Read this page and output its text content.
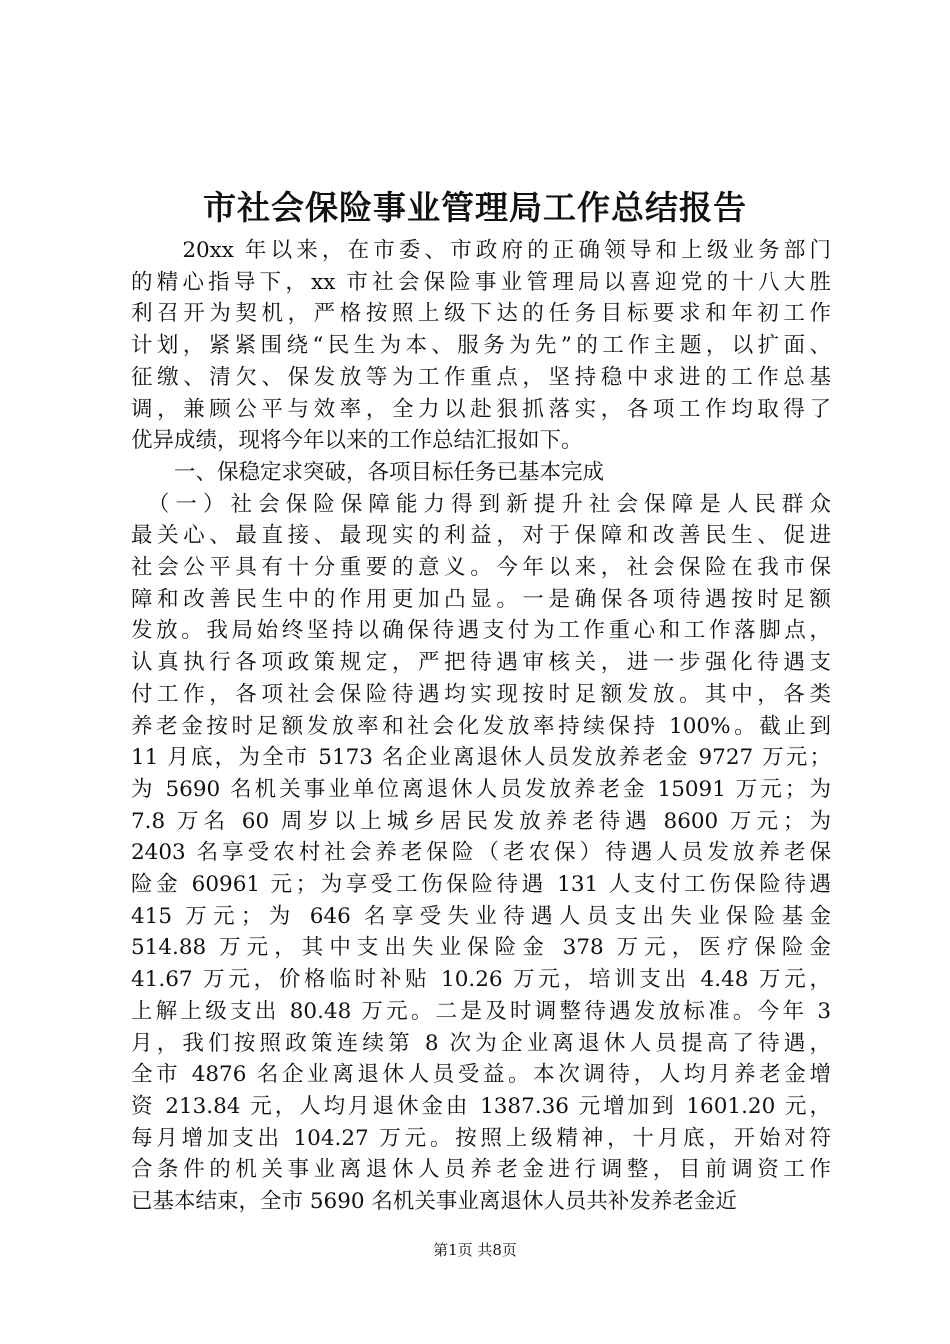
市社会保险事业管理局工作总结报告
　　20xx 年以来，在市委、市政府的正确领导和上级业务部门
的精心指导下，xx 市社会保险事业管理局以喜迎党的十八大胜
利召开为契机，严格按照上级下达的任务目标要求和年初工作
计划，紧紧围绕“民生为本、服务为先”的工作主题，以扩面、
征缴、清欠、保发放等为工作重点，坚持稳中求进的工作总基
调，兼顾公平与效率，全力以赴狠抓落实，各项工作均取得了
优异成绩，现将今年以来的工作总结汇报如下。
　　一、保稳定求突破，各项目标任务已基本完成
　（一）社会保险保障能力得到新提升社会保障是人民群众
最关心、最直接、最现实的利益，对于保障和改善民生、促进
社会公平具有十分重要的意义。今年以来，社会保险在我市保
障和改善民生中的作用更加凸显。一是确保各项待遇按时足额
发放。我局始终坚持以确保待遇支付为工作重心和工作落脚点，
认真执行各项政策规定，严把待遇审核关，进一步强化待遇支
付工作，各项社会保险待遇均实现按时足额发放。其中，各类
养老金按时足额发放率和社会化发放率持续保持 100%。截止到
11 月底，为全市 5173 名企业离退休人员发放养老金 9727 万元；
为 5690 名机关事业单位离退休人员发放养老金 15091 万元；为
7.8 万名 60 周岁以上城乡居民发放养老待遇 8600 万元；为
2403 名享受农村社会养老保险（老农保）待遇人员发放养老保
险金 60961 元；为享受工伤保险待遇 131 人支付工伤保险待遇
415 万元；为 646 名享受失业待遇人员支出失业保险基金
514.88 万元，其中支出失业保险金 378 万元，医疗保险金
41.67 万元，价格临时补贴 10.26 万元，培训支出 4.48 万元，
上解上级支出 80.48 万元。二是及时调整待遇发放标准。今年 3
月，我们按照政策连续第 8 次为企业离退休人员提高了待遇，
全市 4876 名企业离退休人员受益。本次调待，人均月养老金增
资 213.84 元，人均月退休金由 1387.36 元增加到 1601.20 元，
每月增加支出 104.27 万元。按照上级精神，十月底，开始对符
合条件的机关事业离退休人员养老金进行调整，目前调资工作
已基本结束，全市 5690 名机关事业离退休人员共补发养老金近
第1页 共8页
